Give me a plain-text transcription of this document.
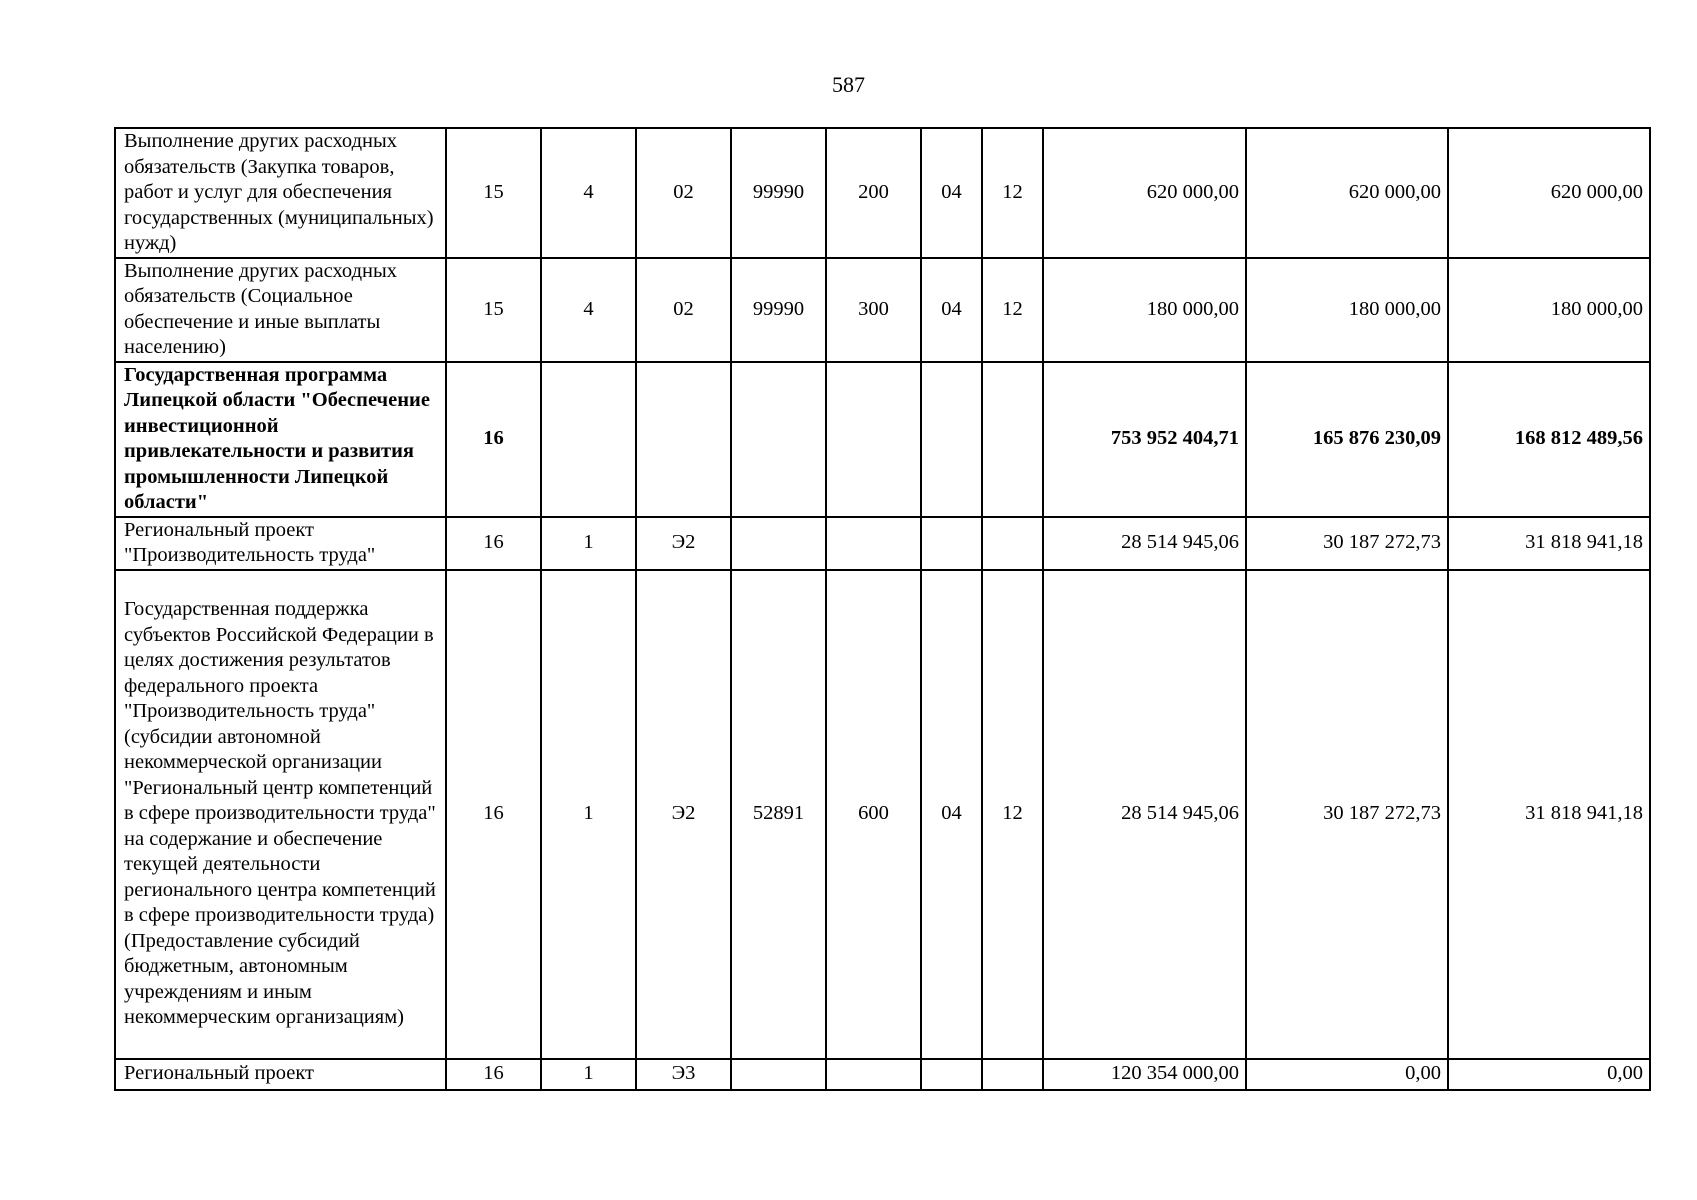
587
Выполнение других расходных обязательств (Закупка товаров, работ и услуг для обеспечения государственных (муниципальных) нужд)	15	4	02	99990	200	04	12	620 000,00	620 000,00	620 000,00
Выполнение других расходных обязательств (Социальное обеспечение и иные выплаты населению)	15	4	02	99990	300	04	12	180 000,00	180 000,00	180 000,00
Государственная программа Липецкой области "Обеспечение инвестиционной привлекательности и развития промышленности Липецкой области"	16							753 952 404,71	165 876 230,09	168 812 489,56
Региональный проект "Производительность труда"	16	1	Э2					28 514 945,06	30 187 272,73	31 818 941,18
Государственная поддержка субъектов Российской Федерации в целях достижения результатов федерального проекта "Производительность труда" (субсидии автономной некоммерческой организации "Региональный центр компетенций в сфере производительности труда" на содержание и обеспечение текущей деятельности регионального центра компетенций в сфере производительности труда) (Предоставление субсидий бюджетным, автономным учреждениям и иным некоммерческим организациям)	16	1	Э2	52891	600	04	12	28 514 945,06	30 187 272,73	31 818 941,18
Региональный проект	16	1	Э3					120 354 000,00	0,00	0,00
